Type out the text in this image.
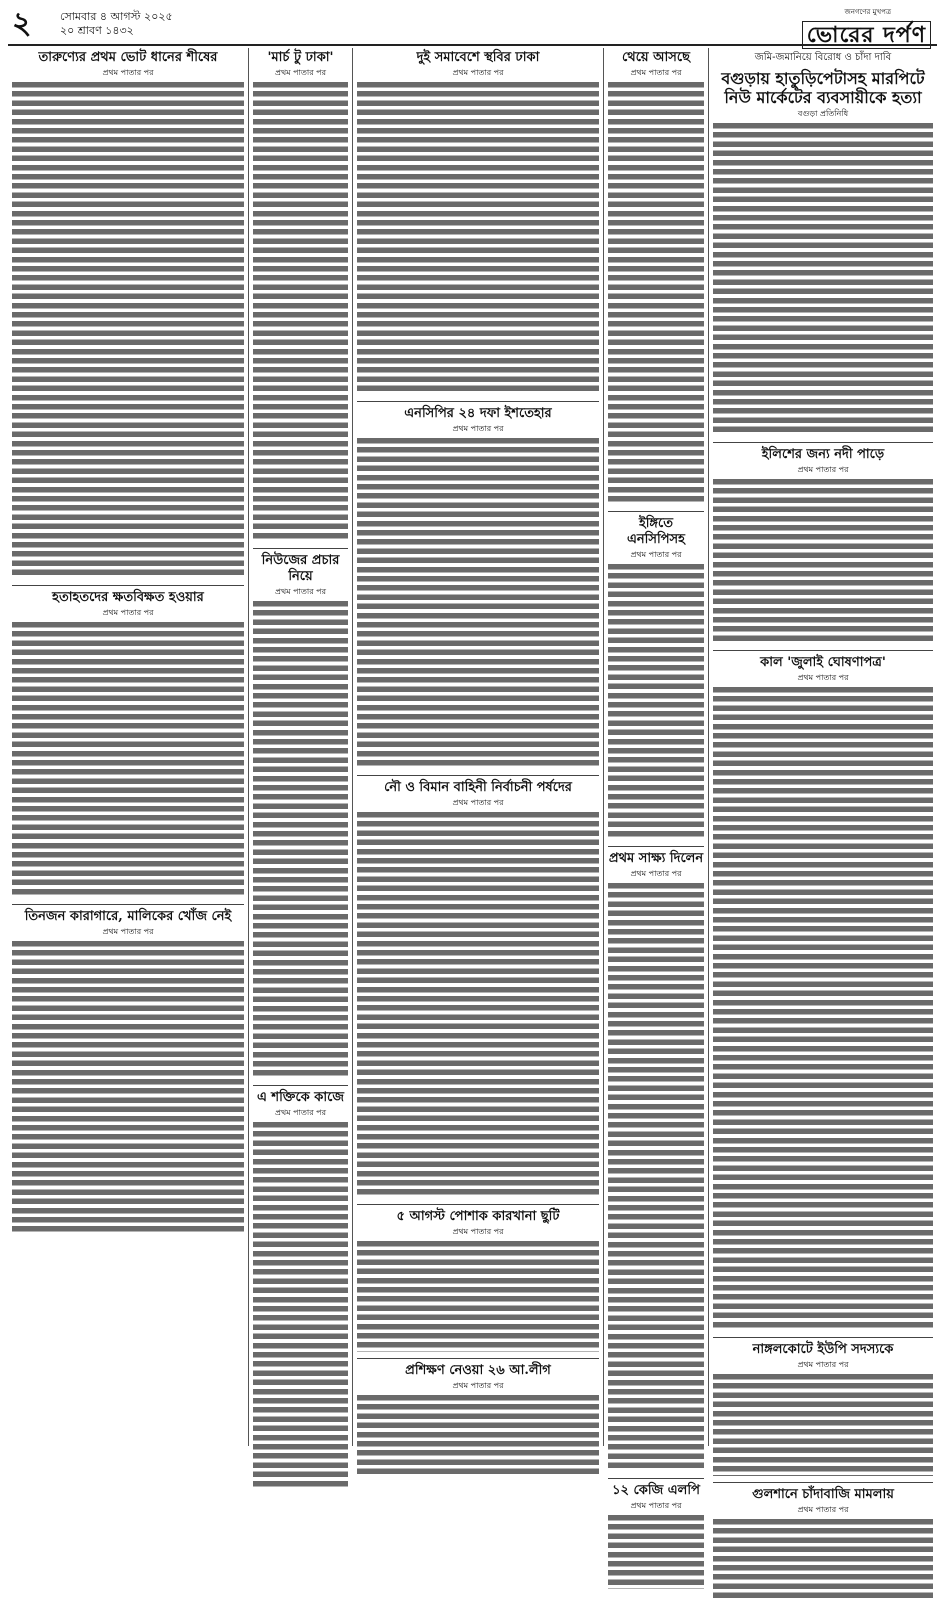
২	সোমবার ৪ আগস্ট ২০২৫
২০ শ্রাবণ ১৪৩২
জনগণের মুখপত্র
ভোরের দর্পণ
তারুণ্যের প্রথম ভোট ধানের শীষের
প্রথম পাতার পর
হতাহতদের ক্ষতবিক্ষত হওয়ার
প্রথম পাতার পর
তিনজন কারাগারে, মালিকের খোঁজ নেই
প্রথম পাতার পর
'মার্চ টু ঢাকা'
প্রথম পাতার পর
নিউজের প্রচার নিয়ে
প্রথম পাতার পর
এ শক্তিকে কাজে
প্রথম পাতার পর
দুই সমাবেশে স্থবির ঢাকা
প্রথম পাতার পর
এনসিপির ২৪ দফা ইশতেহার
প্রথম পাতার পর
নৌ ও বিমান বাহিনী নির্বাচনী পর্ষদের
প্রথম পাতার পর
৫ আগস্ট পোশাক কারখানা ছুটি
প্রথম পাতার পর
প্রশিক্ষণ নেওয়া ২৬ আ.লীগ
প্রথম পাতার পর
থেয়ে আসছে
প্রথম পাতার পর
ইঙ্গিতে এনসিপিসহ
প্রথম পাতার পর
প্রথম সাক্ষ্য দিলেন
প্রথম পাতার পর
১২ কেজি এলপি
প্রথম পাতার পর
জমি-জমানিয়ে বিরোধ ও চাঁদা দাবি
বগুড়ায় হাতুড়িপেটাসহ মারপিটে নিউ মার্কেটের ব্যবসায়ীকে হত্যা
বগুড়া প্রতিনিধি
ইলিশের জন্য নদী পাড়ে
প্রথম পাতার পর
কাল 'জুলাই ঘোষণাপত্র'
প্রথম পাতার পর
নাঙ্গলকোটে ইউপি সদস্যকে
প্রথম পাতার পর
গুলশানে চাঁদাবাজি মামলায়
প্রথম পাতার পর
